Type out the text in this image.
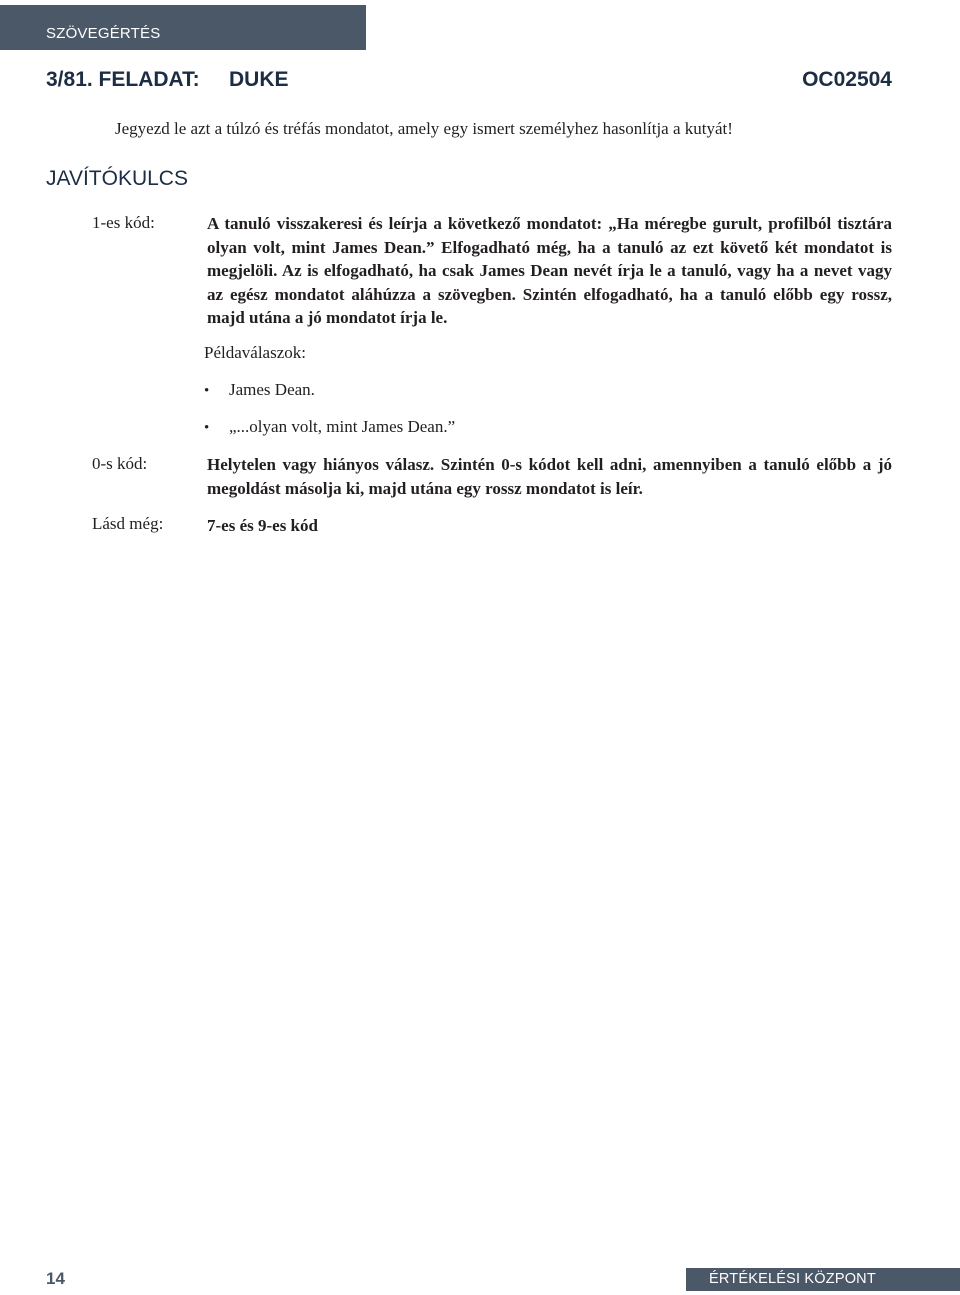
SZÖVEGÉRTÉS
3/81. FELADAT: DUKE	OC02504
Jegyezd le azt a túlzó és tréfás mondatot, amely egy ismert személyhez hasonlítja a kutyát!
JAVÍTÓKULCS
1-es kód:	A tanuló visszakeresi és leírja a következő mondatot: „Ha méregbe gurult, profilból tisztára olyan volt, mint James Dean.” Elfogadható még, ha a tanuló az ezt követő két mondatot is megjelöli. Az is elfogadható, ha csak James Dean nevét írja le a tanuló, vagy ha a nevet vagy az egész mondatot aláhúzza a szövegben. Szintén elfogadható, ha a tanuló előbb egy rossz, majd utána a jó mondatot írja le.
Példaválaszok:
• James Dean.
• „...olyan volt, mint James Dean.”
0-s kód:	Helytelen vagy hiányos válasz. Szintén 0-s kódot kell adni, amennyiben a tanuló előbb a jó megoldást másolja ki, majd utána egy rossz mondatot is leír.
Lásd még:	7-es és 9-es kód
14	ÉRTÉKELÉSI KÖZPONT
